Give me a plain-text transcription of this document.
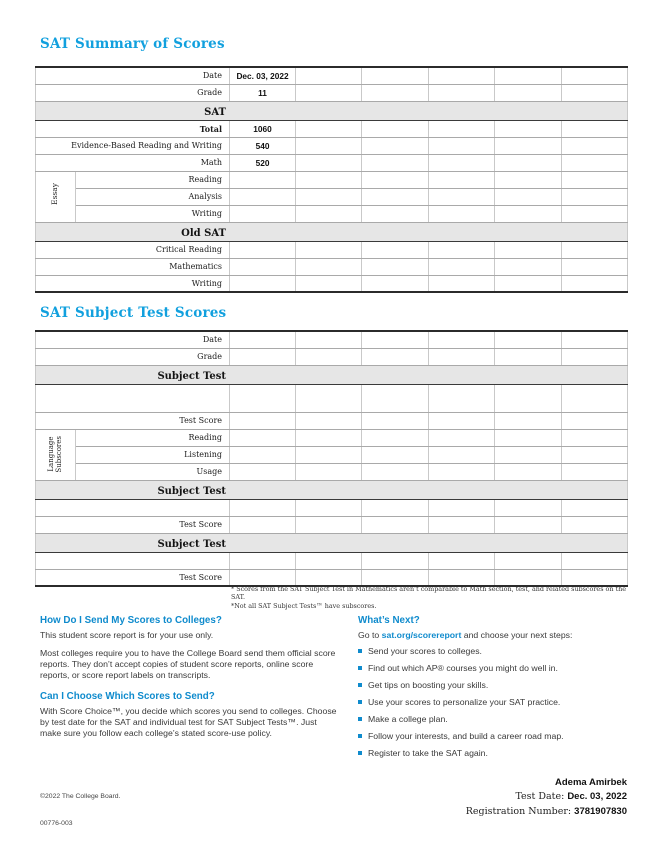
SAT Summary of Scores
Date		Dec. 03, 2022					
Grade		11					
SAT							
Total		1060					
Evidence-Based Reading and Writing		540					
Math		520					
Essay	Reading						
	Analysis						
	Writing						
Old SAT							
Critical Reading							
Mathematics							
Writing							
SAT Subject Test Scores
Date							
Grade							
Subject Test							

Test Score							

Language Subscores	Reading						
	Listening						
	Usage						
Subject Test							

Test Score							
Subject Test							

Test Score							
* Scores from the SAT Subject Test in Mathematics aren’t comparable to Math section, test, and related subscores on the SAT.
*Not all SAT Subject Tests™ have subscores.
How Do I Send My Scores to Colleges?

This student score report is for your use only.

Most colleges require you to have the College Board send them official score reports. They don’t accept copies of student score reports, online score reports, or score report labels on transcripts.

Can I Choose Which Scores to Send?

With Score Choice™, you decide which scores you send to colleges. Choose by test date for the SAT and individual test for SAT Subject Tests™. Just make sure you follow each college’s stated score-use policy.

What’s Next?

Go to sat.org/scorereport and choose your next steps:

Send your scores to colleges.
Find out which AP® courses you might do well in.
Get tips on boosting your skills.
Use your scores to personalize your SAT practice.
Make a college plan.
Follow your interests, and build a career road map.
Register to take the SAT again.
Adema Amirbek
Test Date: Dec. 03, 2022
Registration Number: 3781907830
©2022 The College Board.
00776-003
